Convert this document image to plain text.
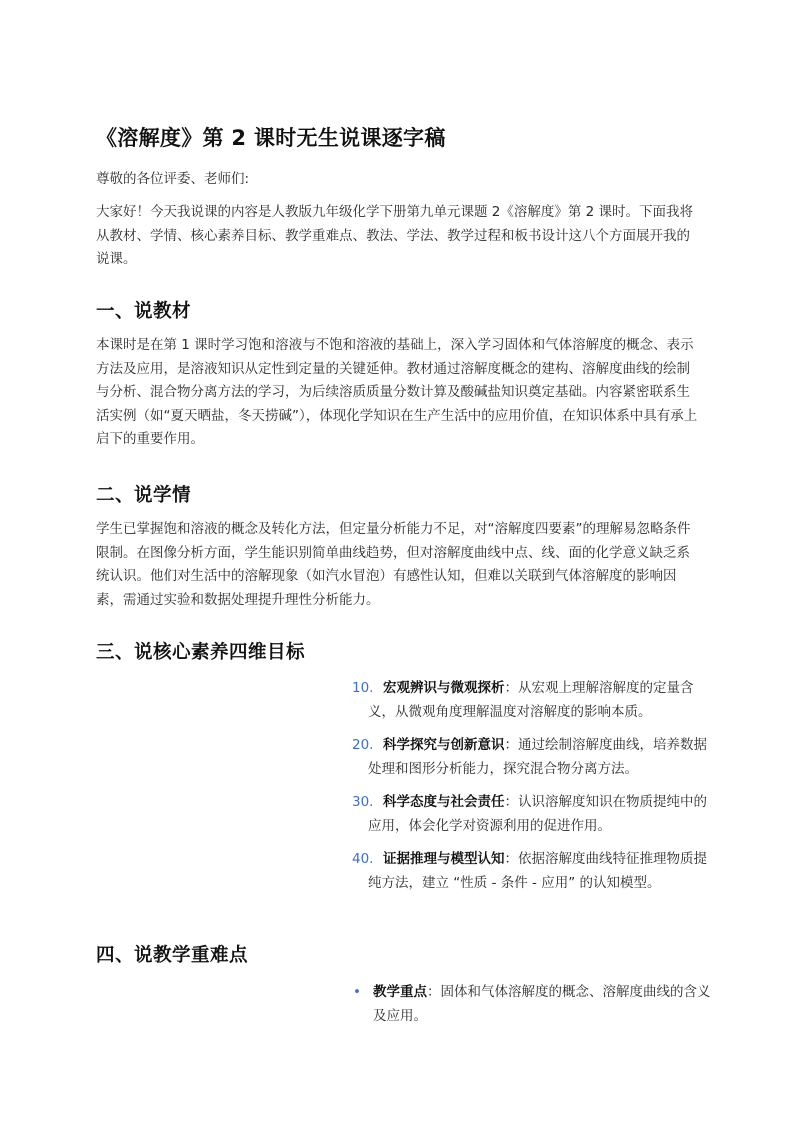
《溶解度》第 2 课时无生说课逐字稿

尊敬的各位评委、老师们:

大家好！今天我说课的内容是人教版九年级化学下册第九单元课题 2《溶解度》第 2 课时。下面我将从教材、学情、核心素养目标、教学重难点、教法、学法、教学过程和板书设计这八个方面展开我的说课。

一、说教材

本课时是在第 1 课时学习饱和溶液与不饱和溶液的基础上，深入学习固体和气体溶解度的概念、表示方法及应用，是溶液知识从定性到定量的关键延伸。教材通过溶解度概念的建构、溶解度曲线的绘制与分析、混合物分离方法的学习，为后续溶质质量分数计算及酸碱盐知识奠定基础。内容紧密联系生活实例（如“夏天晒盐，冬天捞碱”），体现化学知识在生产生活中的应用价值，在知识体系中具有承上启下的重要作用。

二、说学情

学生已掌握饱和溶液的概念及转化方法，但定量分析能力不足，对“溶解度四要素”的理解易忽略条件限制。在图像分析方面，学生能识别简单曲线趋势，但对溶解度曲线中点、线、面的化学意义缺乏系统认识。他们对生活中的溶解现象（如汽水冒泡）有感性认知，但难以关联到气体溶解度的影响因素，需通过实验和数据处理提升理性分析能力。

三、说核心素养四维目标
10. 宏观辨识与微观探析：从宏观上理解溶解度的定量含义，从微观角度理解温度对溶解度的影响本质。
20. 科学探究与创新意识：通过绘制溶解度曲线，培养数据处理和图形分析能力，探究混合物分离方法。
30. 科学态度与社会责任：认识溶解度知识在物质提纯中的应用，体会化学对资源利用的促进作用。
40. 证据推理与模型认知：依据溶解度曲线特征推理物质提纯方法，建立 “性质 - 条件 - 应用” 的认知模型。
四、说教学重难点
• 教学重点：固体和气体溶解度的概念、溶解度曲线的含义及应用。
